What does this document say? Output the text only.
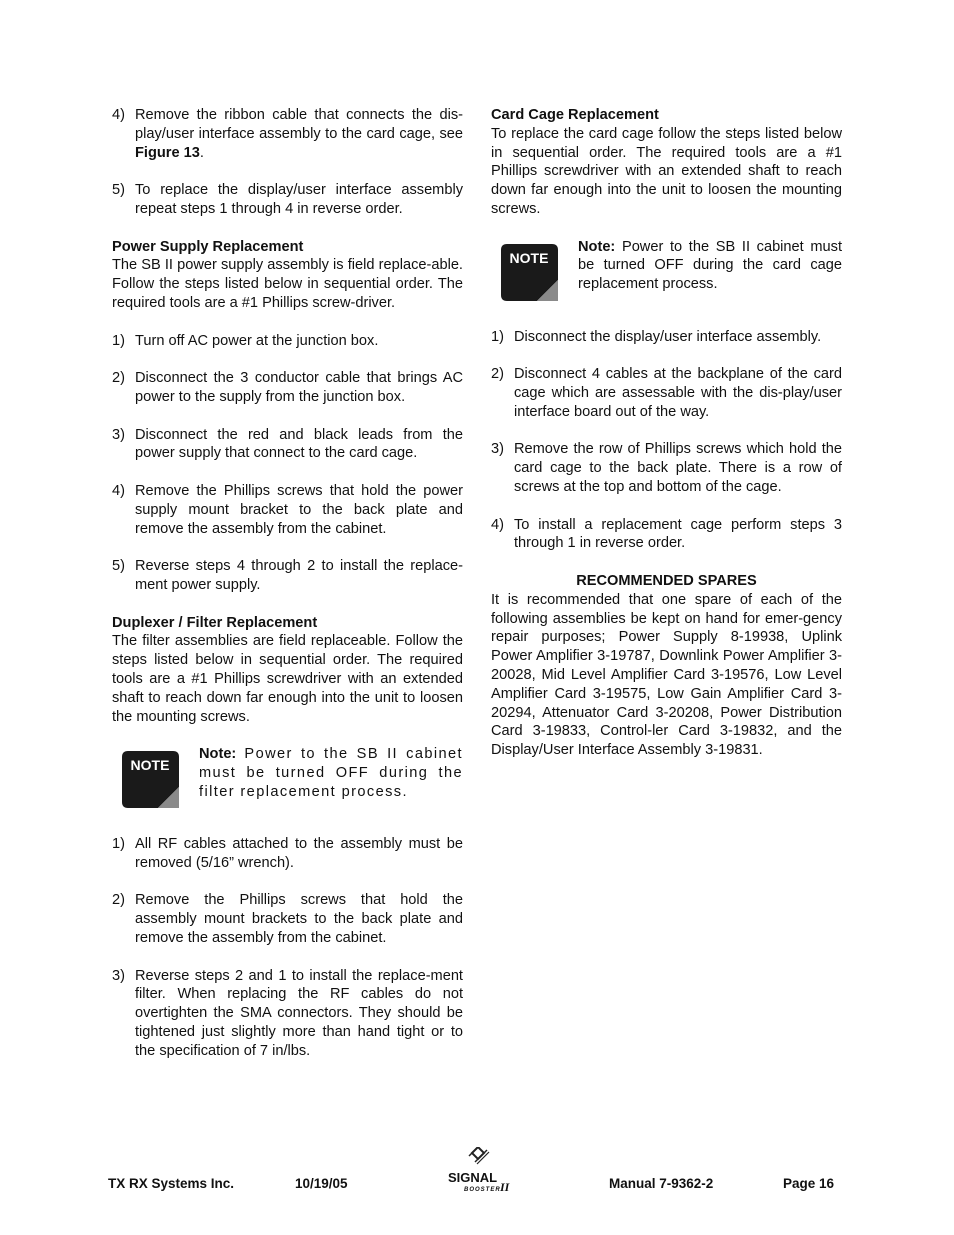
4) Remove the ribbon cable that connects the dis-play/user interface assembly to the card cage, see Figure 13.
5) To replace the display/user interface assembly repeat steps 1 through 4 in reverse order.

Power Supply Replacement

The SB II power supply assembly is field replace-able. Follow the steps listed below in sequential order. The required tools are a #1 Phillips screw-driver.

1) Turn off AC power at the junction box.
2) Disconnect the 3 conductor cable that brings AC power to the supply from the junction box.
3) Disconnect the red and black leads from the power supply that connect to the card cage.
4) Remove the Phillips screws that hold the power supply mount bracket to the back plate and remove the assembly from the cabinet.
5) Reverse steps 4 through 2 to install the replace-ment power supply.

Duplexer / Filter Replacement

The filter assemblies are field replaceable. Follow the steps listed below in sequential order. The required tools are a #1 Phillips screwdriver with an extended shaft to reach down far enough into the unit to loosen the mounting screws.

NOTE

Note: Power to the SB II cabinet must be turned OFF during the filter replacement process.

1) All RF cables attached to the assembly must be removed (5/16” wrench).
2) Remove the Phillips screws that hold the assembly mount brackets to the back plate and remove the assembly from the cabinet.
3) Reverse steps 2 and 1 to install the replace-ment filter. When replacing the RF cables do not overtighten the SMA connectors. They should be tightened just slightly more than hand tight or to the specification of 7 in/lbs.

Card Cage Replacement

To replace the card cage follow the steps listed below in sequential order. The required tools are a #1 Phillips screwdriver with an extended shaft to reach down far enough into the unit to loosen the mounting screws.

NOTE

Note: Power to the SB II cabinet must be turned OFF during the card cage replacement process.

1) Disconnect the display/user interface assembly.
2) Disconnect 4 cables at the backplane of the card cage which are assessable with the dis-play/user interface board out of the way.
3) Remove the row of Phillips screws which hold the card cage to the back plate. There is a row of screws at the top and bottom of the cage.
4) To install a replacement cage perform steps 3 through 1 in reverse order.

RECOMMENDED SPARES

It is recommended that one spare of each of the following assemblies be kept on hand for emer-gency repair purposes; Power Supply 8-19938, Uplink Power Amplifier 3-19787, Downlink Power Amplifier 3-20028, Mid Level Amplifier Card 3-19576, Low Level Amplifier Card 3-19575, Low Gain Amplifier Card 3-20294, Attenuator Card 3-20208, Power Distribution Card 3-19833, Control-ler Card 3-19832, and the Display/User Interface Assembly 3-19831.

TX RX Systems Inc.	10/19/05	SIGNAL
BOOSTER II	Manual 7-9362-2	Page 16
